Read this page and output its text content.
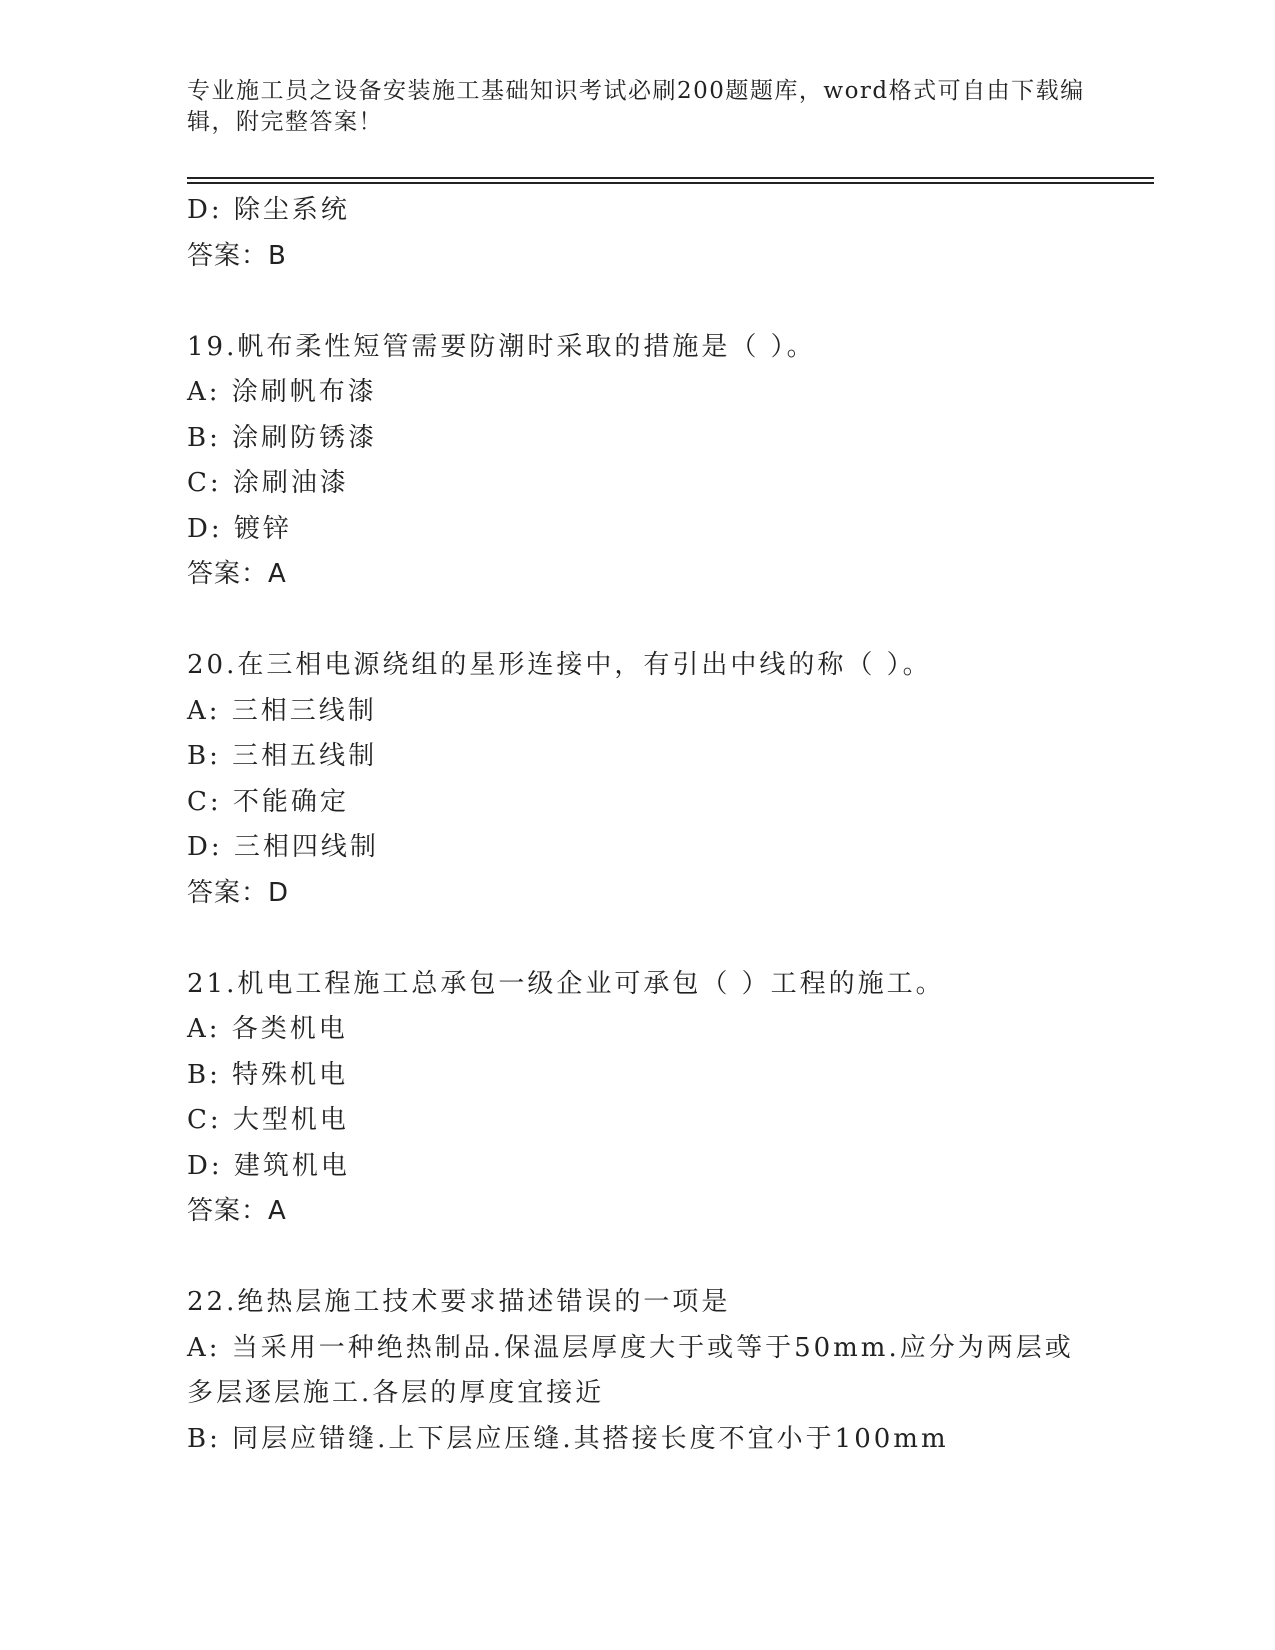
专业施工员之设备安装施工基础知识考试必刷200题题库，word格式可自由下载编辑，附完整答案！
D: 除尘系统
答案：B
19.帆布柔性短管需要防潮时采取的措施是（ ）。
A: 涂刷帆布漆
B: 涂刷防锈漆
C: 涂刷油漆
D: 镀锌
答案：A
20.在三相电源绕组的星形连接中，有引出中线的称（ ）。
A: 三相三线制
B: 三相五线制
C: 不能确定
D: 三相四线制
答案：D
21.机电工程施工总承包一级企业可承包（ ）工程的施工。
A: 各类机电
B: 特殊机电
C: 大型机电
D: 建筑机电
答案：A
22.绝热层施工技术要求描述错误的一项是
A: 当采用一种绝热制品.保温层厚度大于或等于50mm.应分为两层或多层逐层施工.各层的厚度宜接近
B: 同层应错缝.上下层应压缝.其搭接长度不宜小于100mm
